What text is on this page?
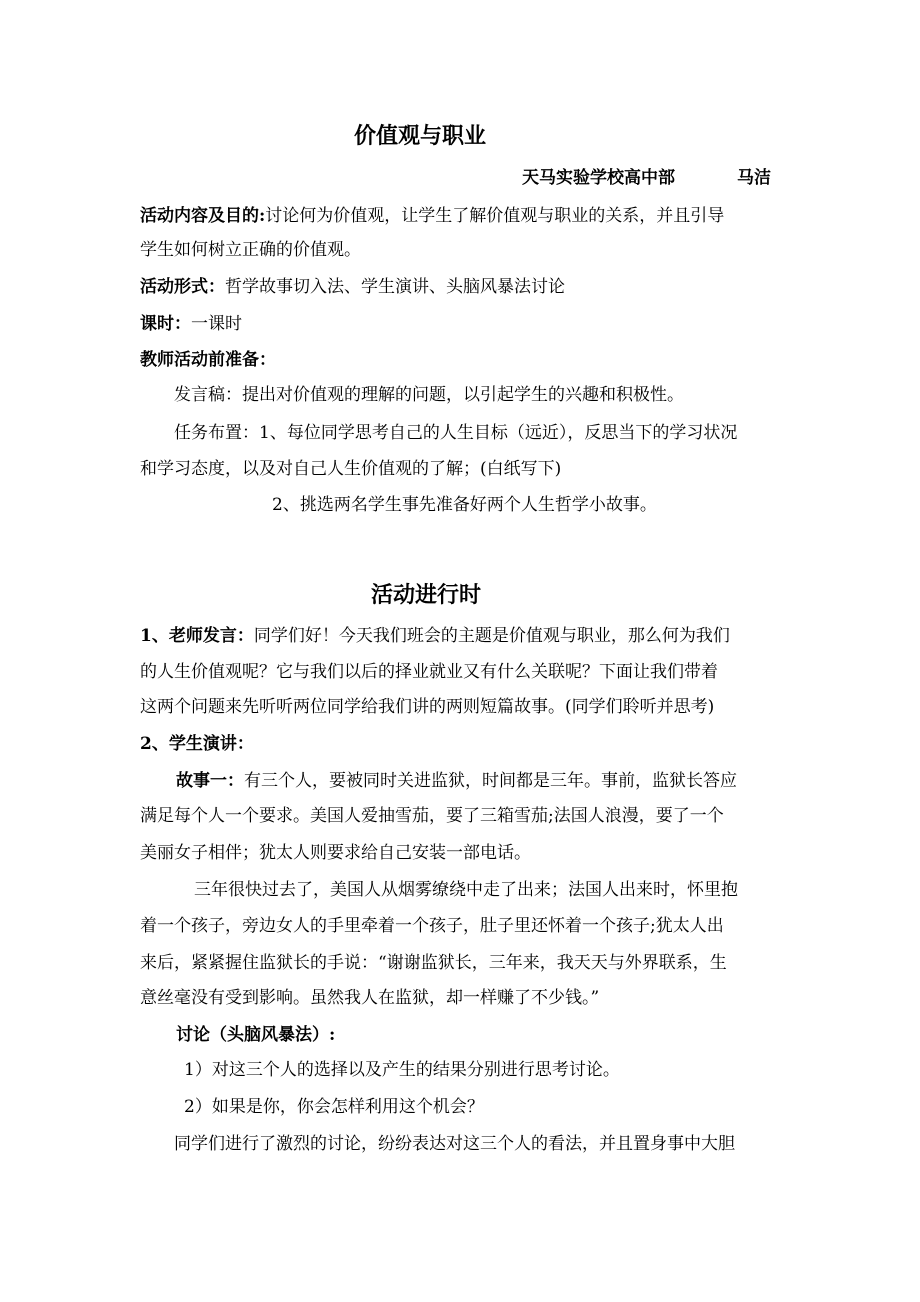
价值观与职业
天马实验学校高中部	马洁
活动内容及目的:讨论何为价值观，让学生了解价值观与职业的关系，并且引导
学生如何树立正确的价值观。
活动形式：哲学故事切入法、学生演讲、头脑风暴法讨论
课时：一课时
教师活动前准备：
发言稿：提出对价值观的理解的问题，以引起学生的兴趣和积极性。
任务布置：1、每位同学思考自己的人生目标（远近），反思当下的学习状况
和学习态度，以及对自己人生价值观的了解；(白纸写下)
2、挑选两名学生事先准备好两个人生哲学小故事。
活动进行时
1、老师发言：同学们好！今天我们班会的主题是价值观与职业，那么何为我们
的人生价值观呢？它与我们以后的择业就业又有什么关联呢？下面让我们带着
这两个问题来先听听两位同学给我们讲的两则短篇故事。(同学们聆听并思考)
2、学生演讲：
故事一：有三个人，要被同时关进监狱，时间都是三年。事前，监狱长答应
满足每个人一个要求。美国人爱抽雪茄，要了三箱雪茄;法国人浪漫，要了一个
美丽女子相伴；犹太人则要求给自己安装一部电话。
三年很快过去了，美国人从烟雾缭绕中走了出来；法国人出来时，怀里抱
着一个孩子，旁边女人的手里牵着一个孩子，肚子里还怀着一个孩子;犹太人出
来后，紧紧握住监狱长的手说：“谢谢监狱长，三年来，我天天与外界联系，生
意丝毫没有受到影响。虽然我人在监狱，却一样赚了不少钱。”
讨论（头脑风暴法）:
1）对这三个人的选择以及产生的结果分别进行思考讨论。
2）如果是你，你会怎样利用这个机会？
同学们进行了激烈的讨论，纷纷表达对这三个人的看法，并且置身事中大胆
